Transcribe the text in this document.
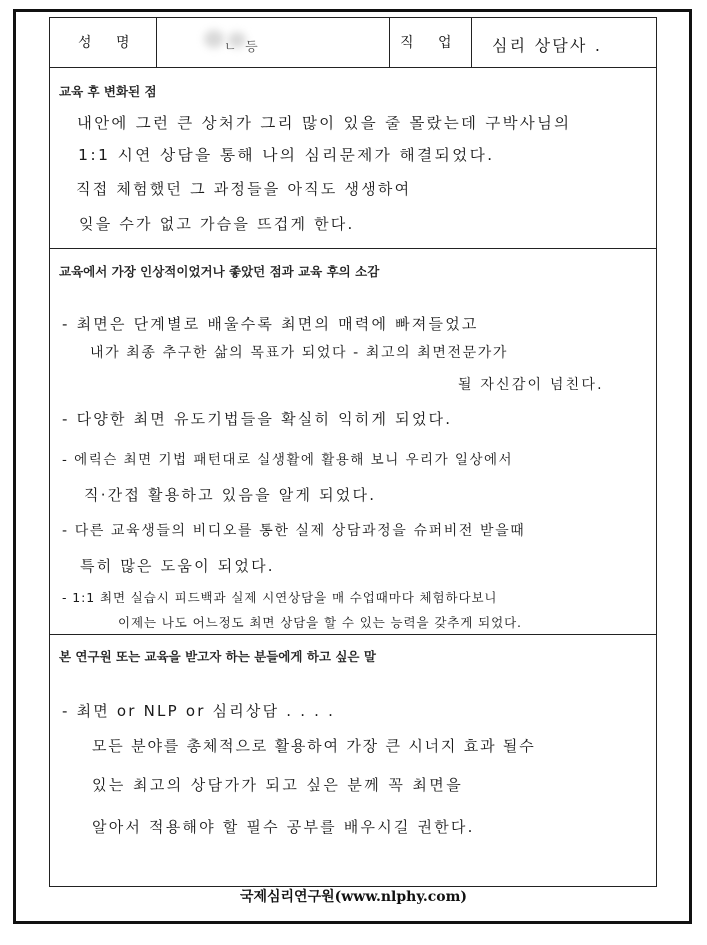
성 명	ㄴ 등	직 업 심리 상담사 .
교육 후 변화된 점
내안에 그런 큰 상처가 그리 많이 있을 줄 몰랐는데 구박사님의
1:1 시연 상담을 통해 나의 심리문제가 해결되었다.
직접 체험했던 그 과정들을 아직도 생생하여
잊을 수가 없고 가슴을 뜨겁게 한다.
교육에서 가장 인상적이었거나 좋았던 점과 교육 후의 소감
- 최면은 단계별로 배울수록 최면의 매력에 빠져들었고
내가 최종 추구한 삶의 목표가 되었다 - 최고의 최면전문가가
될 자신감이 넘친다.
- 다양한 최면 유도기법들을 확실히 익히게 되었다.
- 에릭슨 최면 기법 패턴대로 실생활에 활용해 보니 우리가 일상에서
직·간접 활용하고 있음을 알게 되었다.
- 다른 교육생들의 비디오를 통한 실제 상담과정을 슈퍼비전 받을때
특히 많은 도움이 되었다.
- 1:1 최면 실습시 피드백과 실제 시연상담을 매 수업때마다 체험하다보니
이제는 나도 어느정도 최면 상담을 할 수 있는 능력을 갖추게 되었다.
본 연구원 또는 교육을 받고자 하는 분들에게 하고 싶은 말
- 최면 or NLP or 심리상담 . . . .
모든 분야를 총체적으로 활용하여 가장 큰 시너지 효과 될수
있는 최고의 상담가가 되고 싶은 분께 꼭 최면을
알아서 적용해야 할 필수 공부를 배우시길 권한다.
국제심리연구원(www.nlphy.com)
